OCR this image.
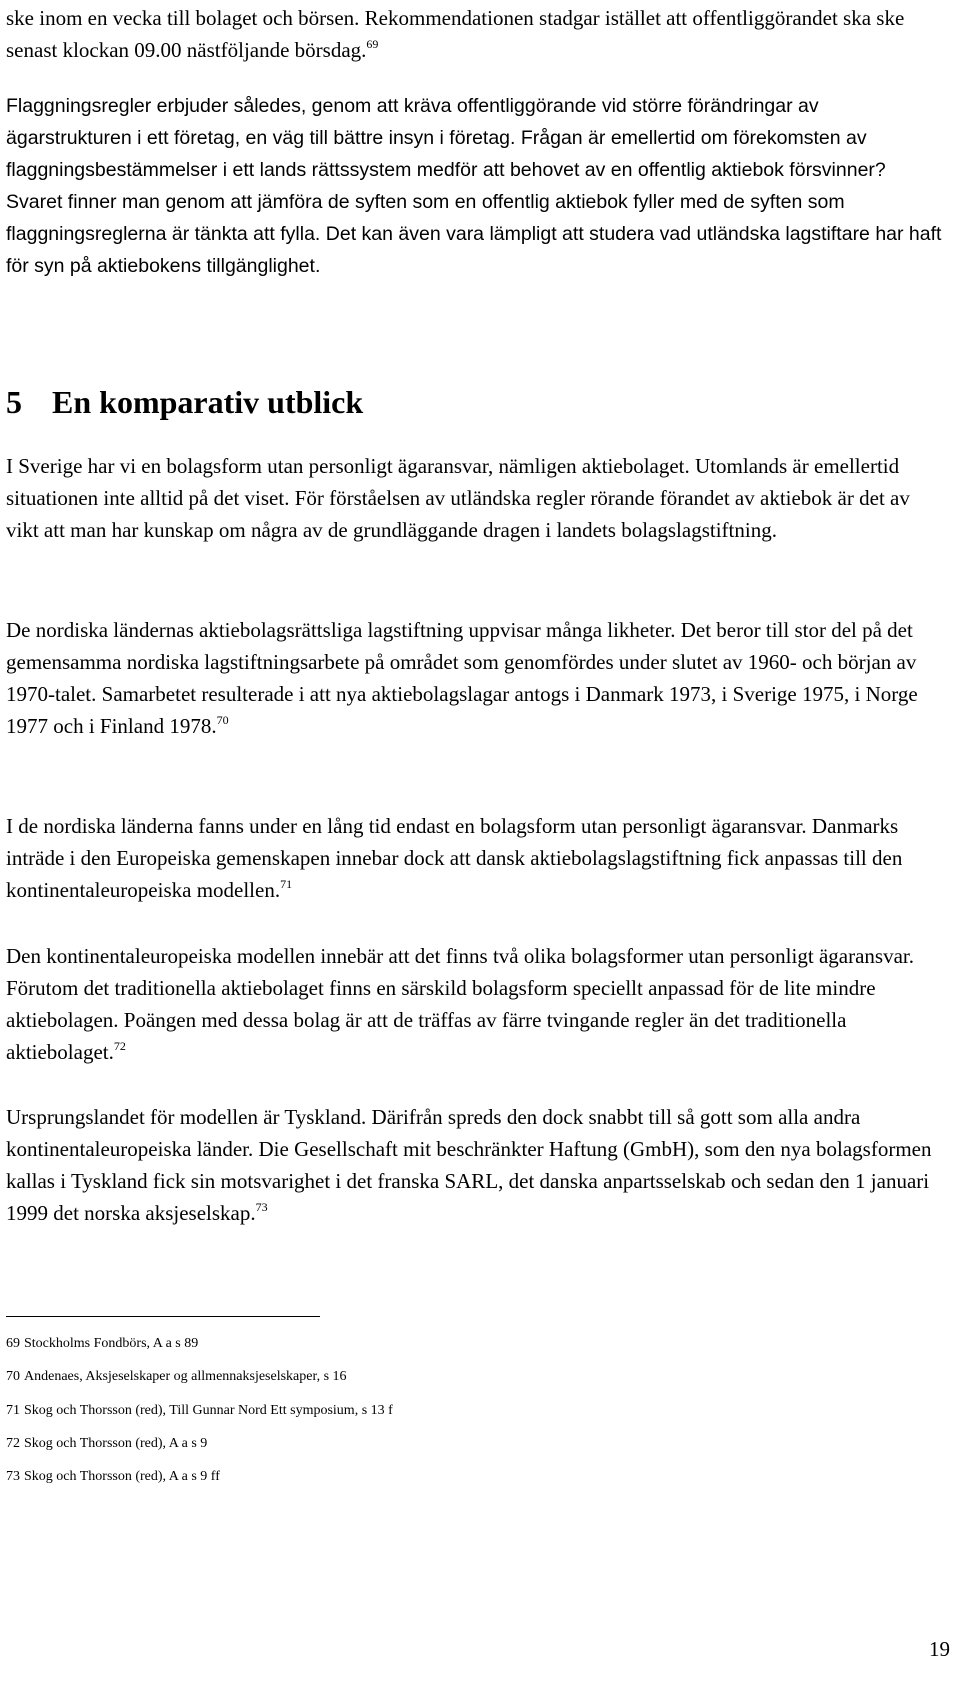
ske inom en vecka till bolaget och börsen. Rekommendationen stadgar istället att offentliggörandet ska ske senast klockan 09.00 nästföljande börsdag.$^{69}$

Flaggningsregler erbjuder således, genom att kräva offentliggörande vid större förändringar av ägarstrukturen i ett företag, en väg till bättre insyn i företag. Frågan är emellertid om förekomsten av flaggningsbestämmelser i ett lands rättssystem medför att behovet av en offentlig aktiebok försvinner? Svaret finner man genom att jämföra de syften som en offentlig aktiebok fyller med de syften som flaggningsreglerna är tänkta att fylla. Det kan även vara lämpligt att studera vad utländska lagstiftare har haft för syn på aktiebokens tillgänglighet.

5 En komparativ utblick

I Sverige har vi en bolagsform utan personligt ägaransvar, nämligen aktiebolaget. Utomlands är emellertid situationen inte alltid på det viset. För förståelsen av utländska regler rörande förandet av aktiebok är det av vikt att man har kunskap om några av de grundläggande dragen i landets bolagslagstiftning.

De nordiska ländernas aktiebolagsrättsliga lagstiftning uppvisar många likheter. Det beror till stor del på det gemensamma nordiska lagstiftningsarbete på området som genomfördes under slutet av 1960- och början av 1970-talet. Samarbetet resulterade i att nya aktiebolagslagar antogs i Danmark 1973, i Sverige 1975, i Norge 1977 och i Finland 1978.70

I de nordiska länderna fanns under en lång tid endast en bolagsform utan personligt ägaransvar. Danmarks inträde i den Europeiska gemenskapen innebar dock att dansk aktiebolagslagstiftning fick anpassas till den kontinentaleuropeiska modellen.$^{71}$

Den kontinentaleuropeiska modellen innebär att det finns två olika bolagsformer utan personligt ägaransvar. Förutom det traditionella aktiebolaget finns en särskild bolagsform speciellt anpassad för de lite mindre aktiebolagen. Poängen med dessa bolag är att de träffas av färre tvingande regler än det traditionella aktiebolaget.$^{72}$

Ursprungslandet för modellen är Tyskland. Därifrån spreds den dock snabbt till så gott som alla andra kontinentaleuropeiska länder. Die Gesellschaft mit beschränkter Haftung (GmbH), som den nya bolagsformen kallas i Tyskland fick sin motsvarighet i det franska SARL, det danska anpartsselskab och sedan den 1 januari 1999 det norska aksjeselskap.$^{73}$

69 Stockholms Fondbörs, A a s 89
70 Andenaes, Aksjeselskaper og allmennaksjeselskaper, s 16
71 Skog och Thorsson (red), Till Gunnar Nord Ett symposium, s 13 f
72 Skog och Thorsson (red), A a s 9
73 Skog och Thorsson (red), A a s 9 ff
19
